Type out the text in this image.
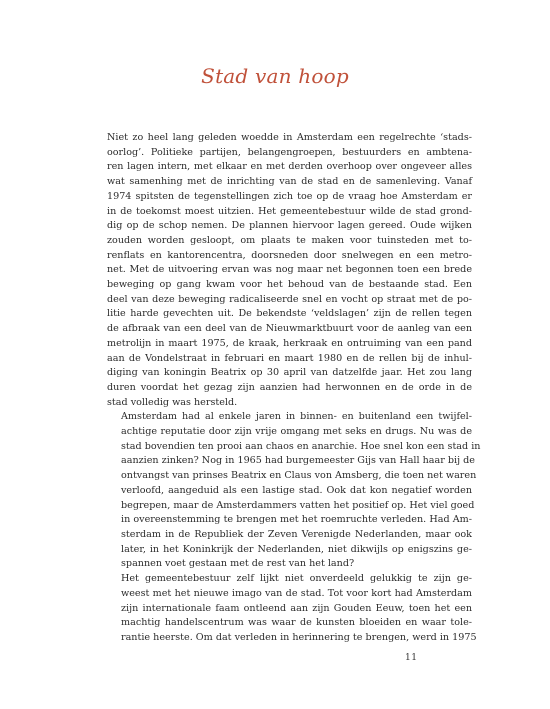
Stad van hoop

Niet zo heel lang geleden woedde in Amsterdam een regelrechte ‘stads-
oorlog’. Politieke partijen, belangengroepen, bestuurders en ambtena-
ren lagen intern, met elkaar en met derden overhoop over ongeveer alles
wat samenhing met de inrichting van de stad en de samenleving. Vanaf
1974 spitsten de tegenstellingen zich toe op de vraag hoe Amsterdam er
in de toekomst moest uitzien. Het gemeentebestuur wilde de stad grond-
dig op de schop nemen. De plannen hiervoor lagen gereed. Oude wijken
zouden worden gesloopt, om plaats te maken voor tuinsteden met to-
renflats en kantorencentra, doorsneden door snelwegen en een metro-
net. Met de uitvoering ervan was nog maar net begonnen toen een brede
beweging op gang kwam voor het behoud van de bestaande stad. Een
deel van deze beweging radicaliseerde snel en vocht op straat met de po-
litie harde gevechten uit. De bekendste ‘veldslagen’ zijn de rellen tegen
de afbraak van een deel van de Nieuwmarktbuurt voor de aanleg van een
metrolijn in maart 1975, de kraak, herkraak en ontruiming van een pand
aan de Vondelstraat in februari en maart 1980 en de rellen bij de inhul-
diging van koningin Beatrix op 30 april van datzelfde jaar. Het zou lang
duren voordat het gezag zijn aanzien had herwonnen en de orde in de
stad volledig was hersteld.

Amsterdam had al enkele jaren in binnen- en buitenland een twijfel-
achtige reputatie door zijn vrije omgang met seks en drugs. Nu was de
stad bovendien ten prooi aan chaos en anarchie. Hoe snel kon een stad in
aanzien zinken? Nog in 1965 had burgemeester Gijs van Hall haar bij de
ontvangst van prinses Beatrix en Claus von Amsberg, die toen net waren
verloofd, aangeduid als een lastige stad. Ook dat kon negatief worden
begrepen, maar de Amsterdammers vatten het positief op. Het viel goed
in overeenstemming te brengen met het roemruchte verleden. Had Am-
sterdam in de Republiek der Zeven Verenigde Nederlanden, maar ook
later, in het Koninkrijk der Nederlanden, niet dikwijls op enigszins ge-
spannen voet gestaan met de rest van het land?

Het gemeentebestuur zelf lijkt niet onverdeeld gelukkig te zijn ge-
weest met het nieuwe imago van de stad. Tot voor kort had Amsterdam
zijn internationale faam ontleend aan zijn Gouden Eeuw, toen het een
machtig handelscentrum was waar de kunsten bloeiden en waar tole-
rantie heerste. Om dat verleden in herinnering te brengen, werd in 1975

11
